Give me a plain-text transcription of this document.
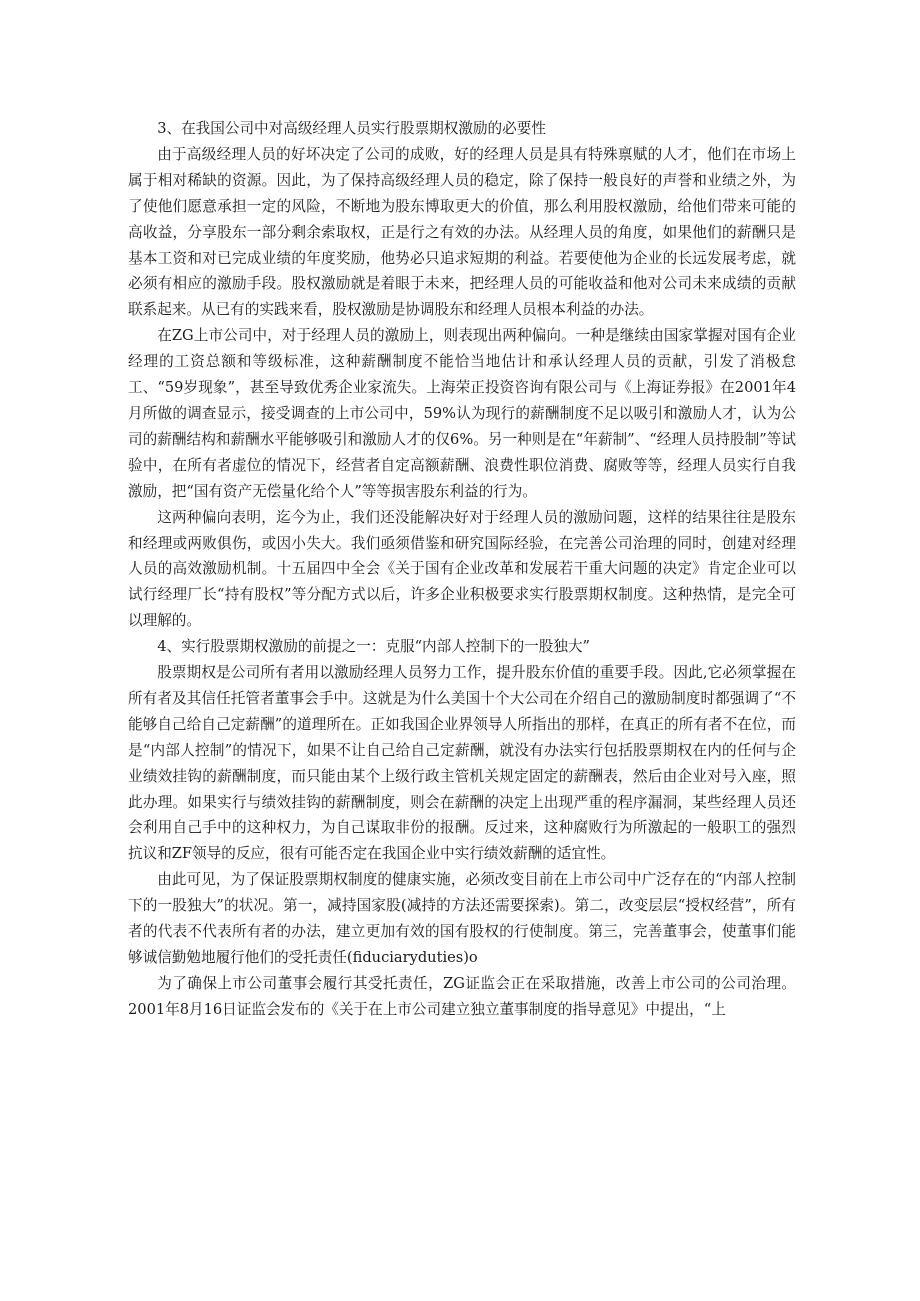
3、在我国公司中对高级经理人员实行股票期权激励的必要性

由于高级经理人员的好坏决定了公司的成败，好的经理人员是具有特殊禀赋的人才，他们在市场上属于相对稀缺的资源。因此，为了保持高级经理人员的稳定，除了保持一般良好的声誉和业绩之外，为了使他们愿意承担一定的风险，不断地为股东博取更大的价值，那么利用股权激励，给他们带来可能的高收益，分享股东一部分剩余索取权，正是行之有效的办法。从经理人员的角度，如果他们的薪酬只是基本工资和对已完成业绩的年度奖励，他势必只追求短期的利益。若要使他为企业的长远发展考虑，就必须有相应的激励手段。股权激励就是着眼于未来，把经理人员的可能收益和他对公司未来成绩的贡献联系起来。从已有的实践来看，股权激励是协调股东和经理人员根本利益的办法。

在ZG上市公司中，对于经理人员的激励上，则表现出两种偏向。一种是继续由国家掌握对国有企业经理的工资总额和等级标准，这种薪酬制度不能恰当地估计和承认经理人员的贡献，引发了消极怠工、“59岁现象”，甚至导致优秀企业家流失。上海荣正投资咨询有限公司与《上海证券报》在2001年4月所做的调查显示，接受调查的上市公司中，59%认为现行的薪酬制度不足以吸引和激励人才，认为公司的薪酬结构和薪酬水平能够吸引和激励人才的仅6%。另一种则是在“年薪制”、“经理人员持股制”等试验中，在所有者虚位的情况下，经营者自定高额薪酬、浪费性职位消费、腐败等等，经理人员实行自我激励，把“国有资产无偿量化给个人”等等损害股东利益的行为。

这两种偏向表明，迄今为止，我们还没能解决好对于经理人员的激励问题，这样的结果往往是股东和经理或两败俱伤，或因小失大。我们亟须借鉴和研究国际经验，在完善公司治理的同时，创建对经理人员的高效激励机制。十五届四中全会《关于国有企业改革和发展若干重大问题的决定》肯定企业可以试行经理厂长“持有股权”等分配方式以后，许多企业积极要求实行股票期权制度。这种热情，是完全可以理解的。

4、实行股票期权激励的前提之一：克服“内部人控制下的一股独大”

股票期权是公司所有者用以激励经理人员努力工作，提升股东价值的重要手段。因此,它必须掌握在所有者及其信任托管者董事会手中。这就是为什么美国十个大公司在介绍自己的激励制度时都强调了“不能够自己给自己定薪酬”的道理所在。正如我国企业界领导人所指出的那样，在真正的所有者不在位，而是“内部人控制”的情况下，如果不让自己给自己定薪酬，就没有办法实行包括股票期权在内的任何与企业绩效挂钩的薪酬制度，而只能由某个上级行政主管机关规定固定的薪酬表，然后由企业对号入座，照此办理。如果实行与绩效挂钩的薪酬制度，则会在薪酬的决定上出现严重的程序漏洞，某些经理人员还会利用自己手中的这种权力，为自己谋取非份的报酬。反过来，这种腐败行为所激起的一般职工的强烈抗议和ZF领导的反应，很有可能否定在我国企业中实行绩效薪酬的适宜性。

由此可见，为了保证股票期权制度的健康实施，必须改变目前在上市公司中广泛存在的“内部人控制下的一股独大”的状况。第一，减持国家股(减持的方法还需要探索)。第二，改变层层“授权经营”，所有者的代表不代表所有者的办法，建立更加有效的国有股权的行使制度。第三，完善董事会，使董事们能够诚信勤勉地履行他们的受托责任(fiduciaryduties)o

为了确保上市公司董事会履行其受托责任，ZG证监会正在采取措施，改善上市公司的公司治理。2001年8月16日证监会发布的《关于在上市公司建立独立董事制度的指导意见》中提出，“上
